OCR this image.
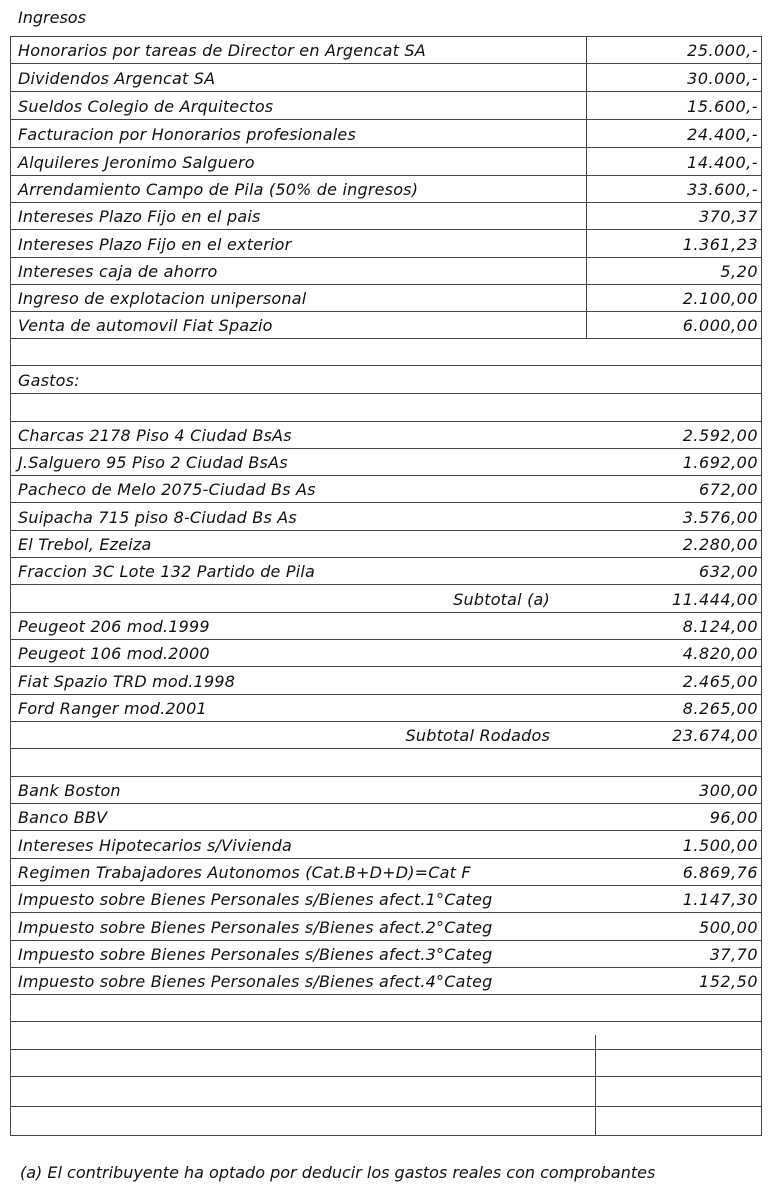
Ingresos
Honorarios por tareas de Director en Argencat SA	25.000,-
Dividendos Argencat SA	30.000,-
Sueldos Colegio de Arquitectos	15.600,-
Facturacion por Honorarios profesionales	24.400,-
Alquileres Jeronimo Salguero	14.400,-
Arrendamiento Campo de Pila (50% de ingresos)	33.600,-
Intereses Plazo Fijo en el pais	370,37
Intereses Plazo Fijo en el exterior	1.361,23
Intereses caja de ahorro	5,20
Ingreso de explotacion unipersonal	2.100,00
Venta de automovil Fiat Spazio	6.000,00
Gastos:
Charcas 2178 Piso 4 Ciudad BsAs	2.592,00
J.Salguero 95 Piso 2 Ciudad BsAs	1.692,00
Pacheco de Melo 2075-Ciudad Bs As	672,00
Suipacha 715 piso 8-Ciudad Bs As	3.576,00
El Trebol, Ezeiza	2.280,00
Fraccion 3C Lote 132 Partido de Pila	632,00
Subtotal (a)	11.444,00
Peugeot 206 mod.1999	8.124,00
Peugeot 106 mod.2000	4.820,00
Fiat Spazio TRD mod.1998	2.465,00
Ford Ranger mod.2001	8.265,00
Subtotal Rodados	23.674,00
Bank Boston	300,00
Banco BBV	96,00
Intereses Hipotecarios s/Vivienda	1.500,00
Regimen Trabajadores Autonomos (Cat.B+D+D)=Cat F	6.869,76
Impuesto sobre Bienes Personales s/Bienes afect.1°Categ	1.147,30
Impuesto sobre Bienes Personales s/Bienes afect.2°Categ	500,00
Impuesto sobre Bienes Personales s/Bienes afect.3°Categ	37,70
Impuesto sobre Bienes Personales s/Bienes afect.4°Categ	152,50
(a) El contribuyente ha optado por deducir los gastos reales con comprobantes
